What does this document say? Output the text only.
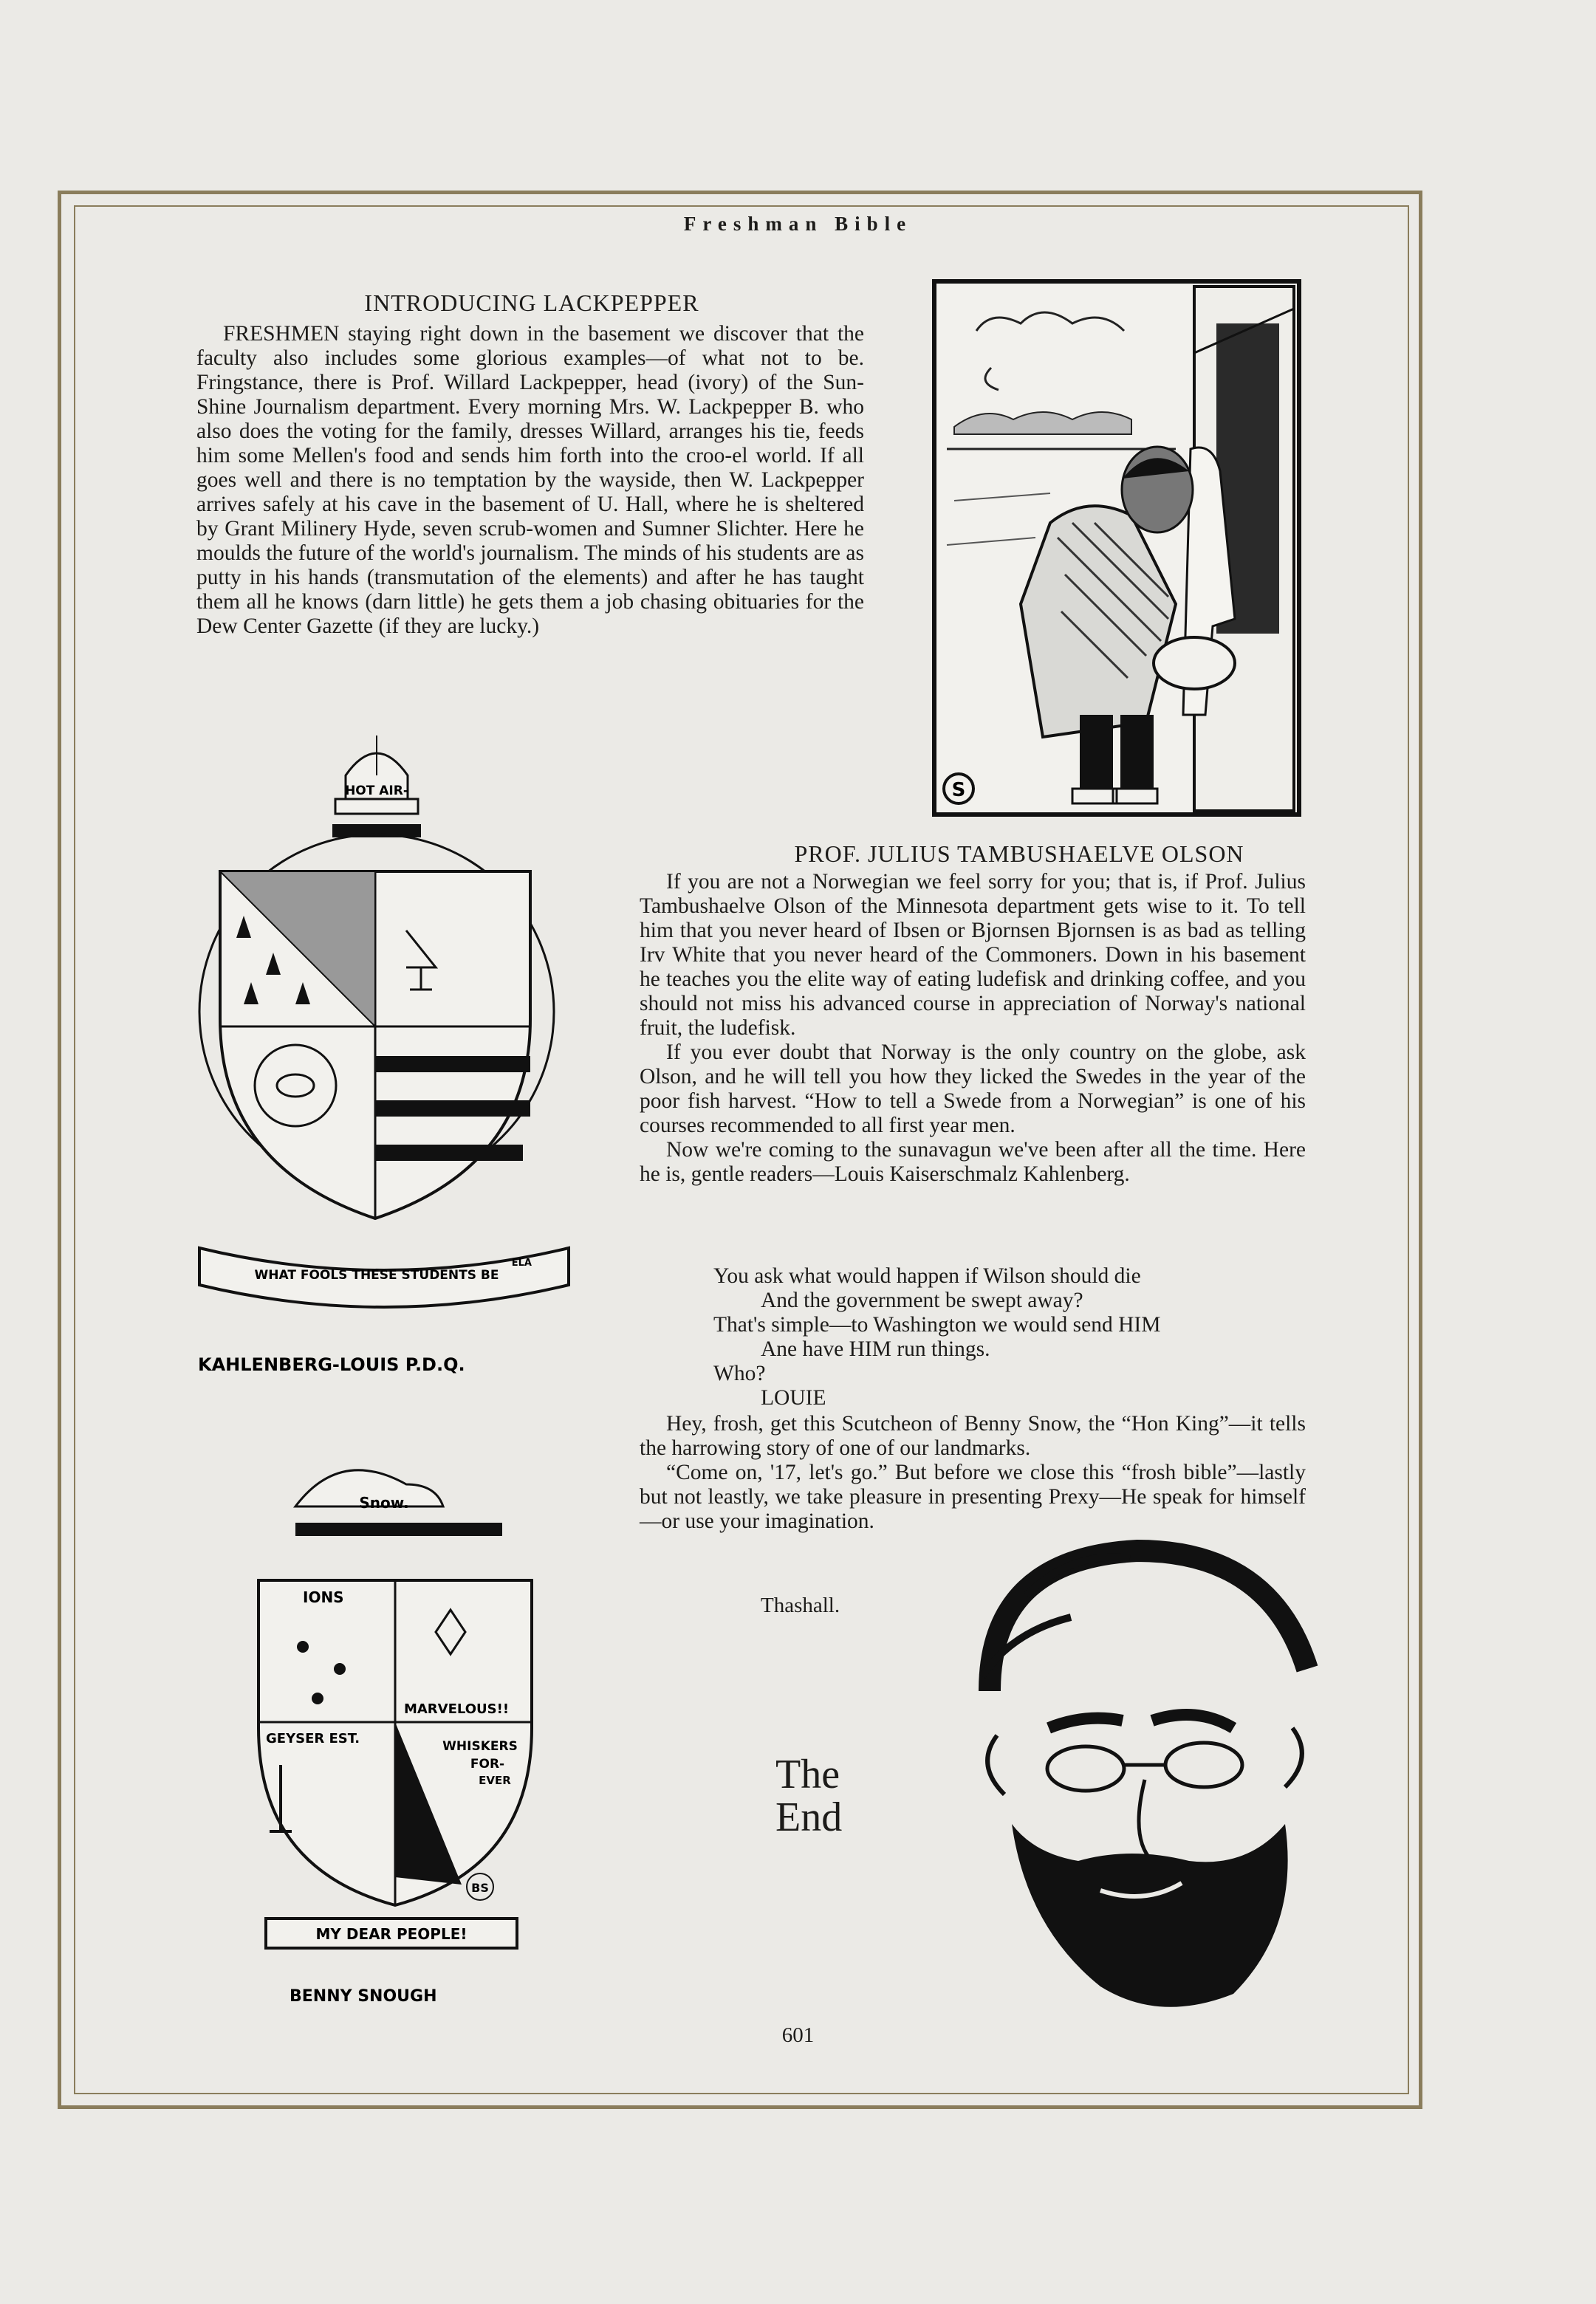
Freshman Bible
INTRODUCING LACKPEPPER

FRESHMEN staying right down in the basement we discover that the faculty also includes some glorious examples—of what not to be. Fringstance, there is Prof. Willard Lackpepper, head (ivory) of the Sun-Shine Journalism department. Every morning Mrs. W. Lackpepper B. who also does the voting for the family, dresses Willard, arranges his tie, feeds him some Mellen's food and sends him forth into the croo-el world. If all goes well and there is no temptation by the wayside, then W. Lackpepper arrives safely at his cave in the basement of U. Hall, where he is sheltered by Grant Milinery Hyde, seven scrub-women and Sumner Slichter. Here he moulds the future of the world's journalism. The minds of his students are as putty in his hands (transmutation of the elements) and after he has taught them all he knows (darn little) he gets them a job chasing obituaries for the Dew Center Gazette (if they are lucky.)

S
HOT AIR-
WHAT FOOLS THESE STUDENTS BE
ELA
KAHLENBERG-LOUIS P.D.Q.
Snow.
IONS
MARVELOUS!!
GEYSER EST.	WHISKERS
FOR-
EVER
BS
MY DEAR PEOPLE!
BENNY SNOUGH
PROF. JULIUS TAMBUSHAELVE OLSON

If you are not a Norwegian we feel sorry for you; that is, if Prof. Julius Tambushaelve Olson of the Minnesota department gets wise to it. To tell him that you never heard of Ibsen or Bjornsen Bjornsen is as bad as telling Irv White that you never heard of the Commoners. Down in his basement he teaches you the elite way of eating ludefisk and drinking coffee, and you should not miss his advanced course in appreciation of Norway's national fruit, the ludefisk.

If you ever doubt that Norway is the only country on the globe, ask Olson, and he will tell you how they licked the Swedes in the year of the poor fish harvest. “How to tell a Swede from a Norwegian” is one of his courses recommended to all first year men.

Now we're coming to the sunavagun we've been after all the time. Here he is, gentle readers—Louis Kaiserschmalz Kahlenberg.

You ask what would happen if Wilson should die

And the government be swept away?

That's simple—to Washington we would send HIM

Ane have HIM run things.

Who?

LOUIE

Hey, frosh, get this Scutcheon of Benny Snow, the “Hon King”—it tells the harrowing story of one of our landmarks.

“Come on, '17, let's go.” But before we close this “frosh bible”—lastly but not leastly, we take pleasure in presenting Prexy—He speak for himself—or use your imagination.

Thashall.
The
End
601
